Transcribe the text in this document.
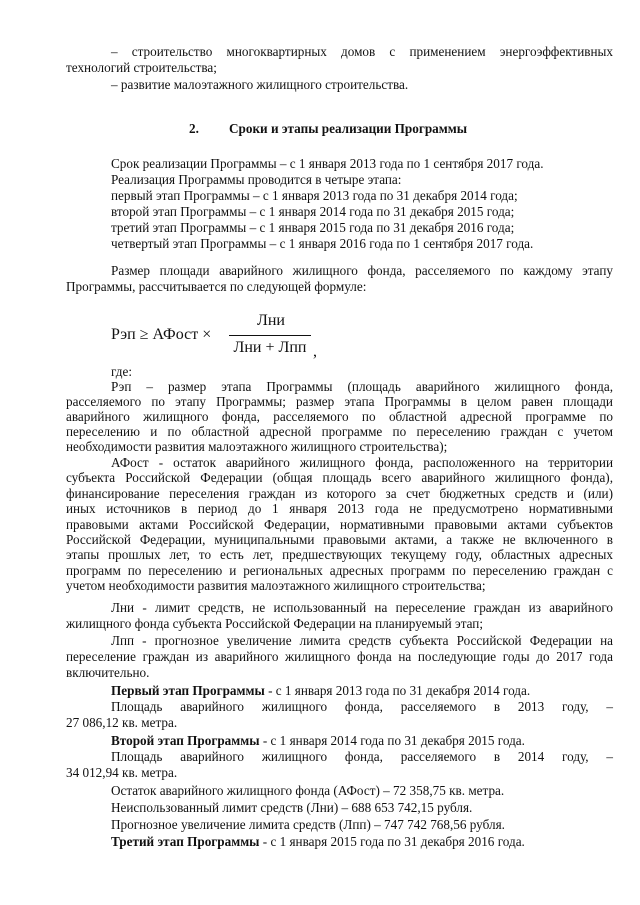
– строительство многоквартирных домов с применением энергоэффективных
технологий строительства;
– развитие малоэтажного жилищного строительства.
2. Сроки и этапы реализации Программы
Срок реализации Программы – с 1 января 2013 года по 1 сентября 2017 года.
Реализация Программы проводится в четыре этапа:
первый этап Программы – с 1 января 2013 года по 31 декабря 2014 года;
второй этап Программы – с 1 января 2014 года по 31 декабря 2015 года;
третий этап Программы – с 1 января 2015 года по 31 декабря 2016 года;
четвертый этап Программы – с 1 января 2016 года по 1 сентября 2017 года.
Размер площади аварийного жилищного фонда, расселяемого по каждому этапу
Программы, рассчитывается по следующей формуле:
Рэп ≥ АФост ×
Лни
Лни + Лпп ,
где:
Рэп – размер этапа Программы (площадь аварийного жилищного фонда,
расселяемого по этапу Программы; размер этапа Программы в целом равен площади
аварийного жилищного фонда, расселяемого по областной адресной программе по
переселению и по областной адресной программе по переселению граждан с учетом
необходимости развития малоэтажного жилищного строительства);
АФост - остаток аварийного жилищного фонда, расположенного на территории
субъекта Российской Федерации (общая площадь всего аварийного жилищного фонда),
финансирование переселения граждан из которого за счет бюджетных средств и (или)
иных источников в период до 1 января 2013 года не предусмотрено нормативными
правовыми актами Российской Федерации, нормативными правовыми актами субъектов
Российской Федерации, муниципальными правовыми актами, а также не включенного в
этапы прошлых лет, то есть лет, предшествующих текущему году, областных адресных
программ по переселению и региональных адресных программ по переселению граждан с
учетом необходимости развития малоэтажного жилищного строительства;
Лни - лимит средств, не использованный на переселение граждан из аварийного
жилищного фонда субъекта Российской Федерации на планируемый этап;
Лпп - прогнозное увеличение лимита средств субъекта Российской Федерации на
переселение граждан из аварийного жилищного фонда на последующие годы до 2017 года
включительно.
Первый этап Программы - с 1 января 2013 года по 31 декабря 2014 года.
Площадь аварийного жилищного фонда, расселяемого в 2013 году, –
27 086,12 кв. метра.
Второй этап Программы - с 1 января 2014 года по 31 декабря 2015 года.
Площадь аварийного жилищного фонда, расселяемого в 2014 году, –
34 012,94 кв. метра.
Остаток аварийного жилищного фонда (АФост) – 72 358,75 кв. метра.
Неиспользованный лимит средств (Лни) – 688 653 742,15 рубля.
Прогнозное увеличение лимита средств (Лпп) – 747 742 768,56 рубля.
Третий этап Программы - с 1 января 2015 года по 31 декабря 2016 года.
